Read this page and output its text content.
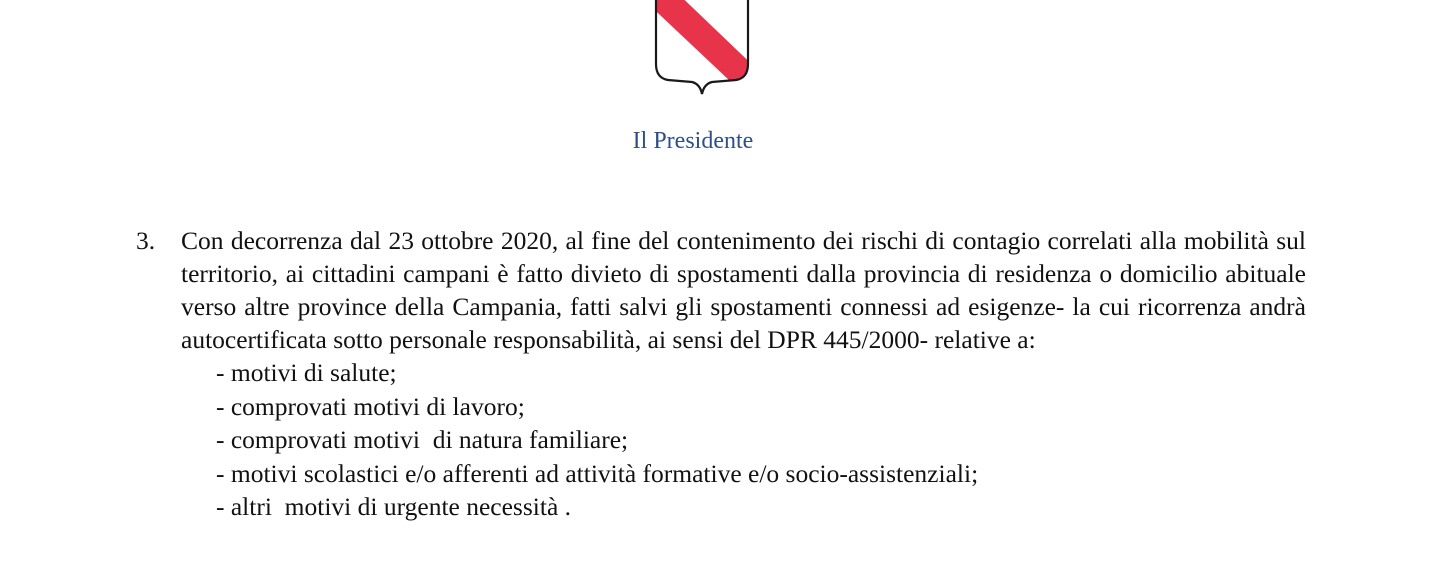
Il Presidente
3. Con decorrenza dal 23 ottobre 2020, al fine del contenimento dei rischi di contagio correlati alla mobilità sul territorio, ai cittadini campani è fatto divieto di spostamenti dalla provincia di residenza o domicilio abituale verso altre province della Campania, fatti salvi gli spostamenti connessi ad esigenze- la cui ricorrenza andrà autocertificata sotto personale responsabilità, ai sensi del DPR 445/2000- relative a:
- motivi di salute;
- comprovati motivi di lavoro;
- comprovati motivi  di natura familiare;
- motivi scolastici e/o afferenti ad attività formative e/o socio-assistenziali;
- altri  motivi di urgente necessità .
